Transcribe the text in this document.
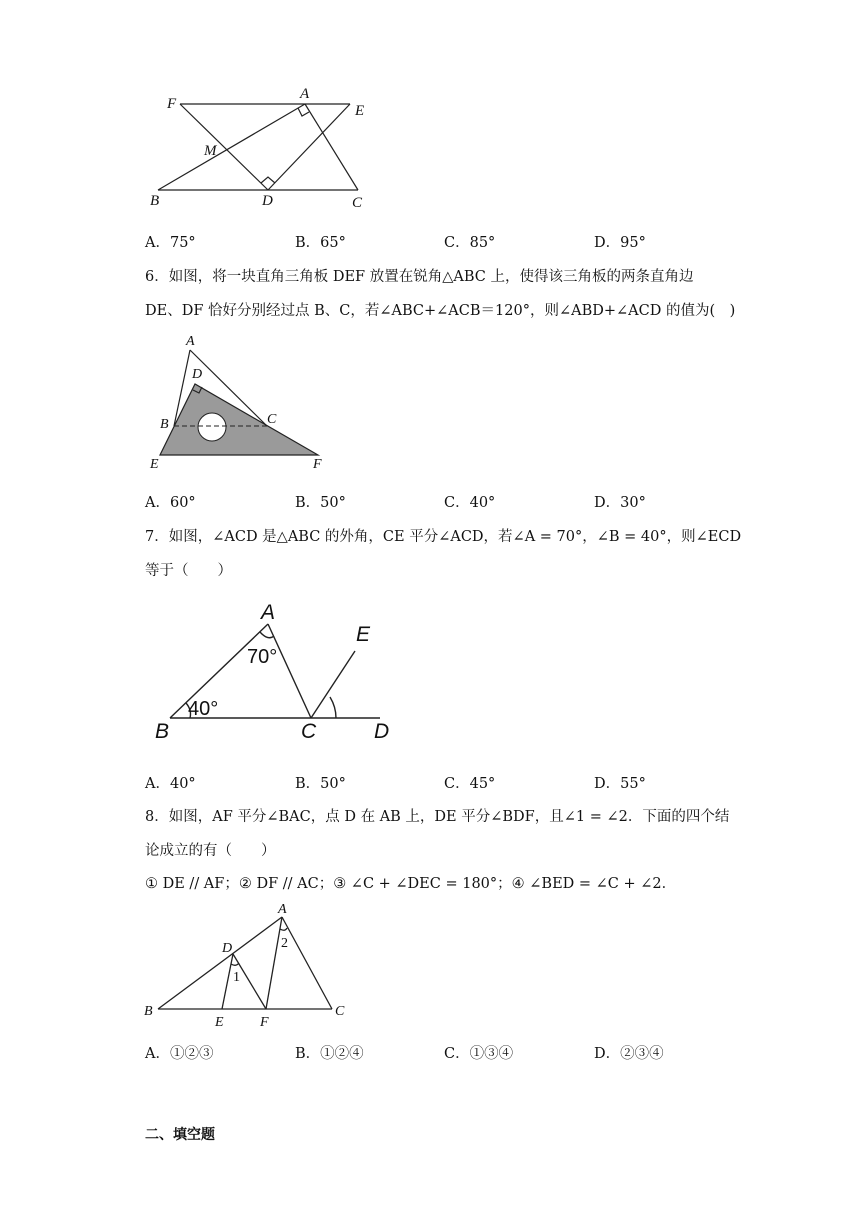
F
A
E
M
B	D	C
A．75°	B．65°	C．85°	D．95°
6．如图，将一块直角三角板 DEF 放置在锐角△ABC 上，使得该三角板的两条直角边
DE、DF 恰好分别经过点 B、C，若∠ABC+∠ACB＝120°，则∠ABD+∠ACD 的值为(　)
A
D
B	C
E	F
A．60°	B．50°	C．40°	D．30°
7．如图，∠ACD 是△ABC 的外角，CE 平分∠ACD，若∠A = 70°，∠B = 40°，则∠ECD
等于（　　）
A
E
70°
40°
B	C	D
A．40°	B．50°	C．45°	D．55°
8．如图，AF 平分∠BAC，点 D 在 AB 上，DE 平分∠BDF，且∠1 = ∠2．下面的四个结
论成立的有（　　）
① DE // AF；② DF // AC；③ ∠C + ∠DEC = 180°；④ ∠BED = ∠C + ∠2．
A
D
B
E	F
C
1
2
A．①②③	B．①②④	C．①③④	D．②③④
二、填空题
